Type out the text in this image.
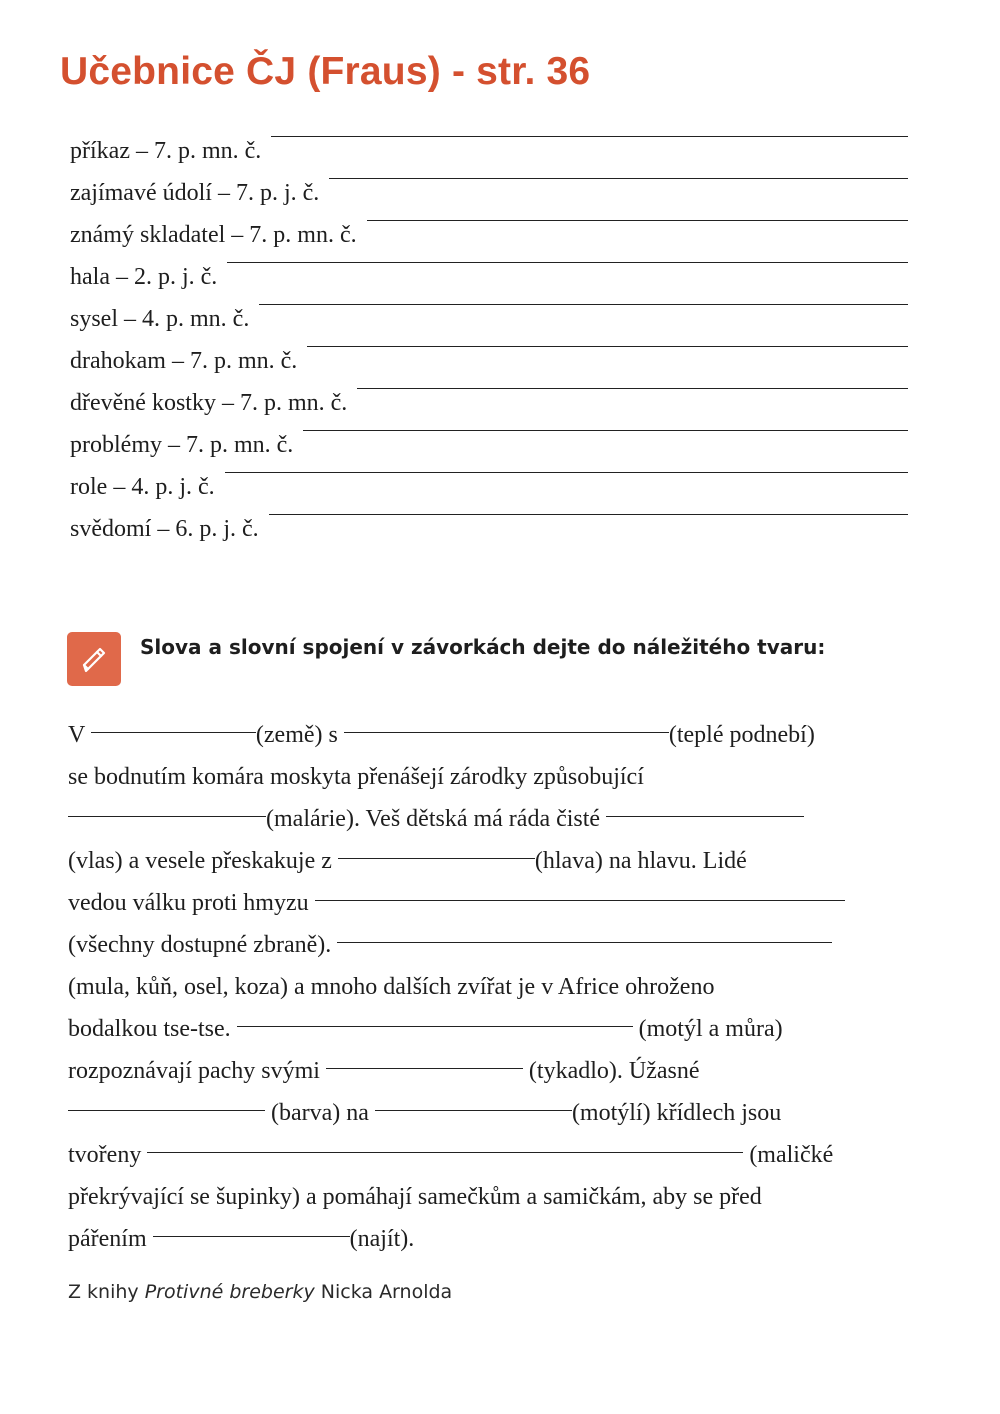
Učebnice ČJ (Fraus) - str. 36
příkaz – 7. p. mn. č.
zajímavé údolí – 7. p. j. č.
známý skladatel – 7. p. mn. č.
hala – 2. p. j. č.
sysel – 4. p. mn. č.
drahokam – 7. p. mn. č.
dřevěné kostky – 7. p. mn. č.
problémy – 7. p. mn. č.
role – 4. p. j. č.
svědomí – 6. p. j. č.
Slova a slovní spojení v závorkách dejte do náležitého tvaru:
V	(země) s	(teplé podnebí)
se bodnutím komára moskyta přenášejí zárodky způsobující
(malárie). Veš dětská má ráda čisté
(vlas) a vesele přeskakuje z	(hlava) na hlavu. Lidé
vedou válku proti hmyzu
(všechny dostupné zbraně).
(mula, kůň, osel, koza) a mnoho dalších zvířat je v Africe ohroženo
bodalkou tse-tse.	(motýl a můra)
rozpoznávají pachy svými	(tykadlo). Úžasné
(barva) na	(motýlí) křídlech jsou
tvořeny	(maličké
překrývající se šupinky) a pomáhají samečkům a samičkám, aby se před
pářením	(najít).
Z knihy Protivné breberky Nicka Arnolda
